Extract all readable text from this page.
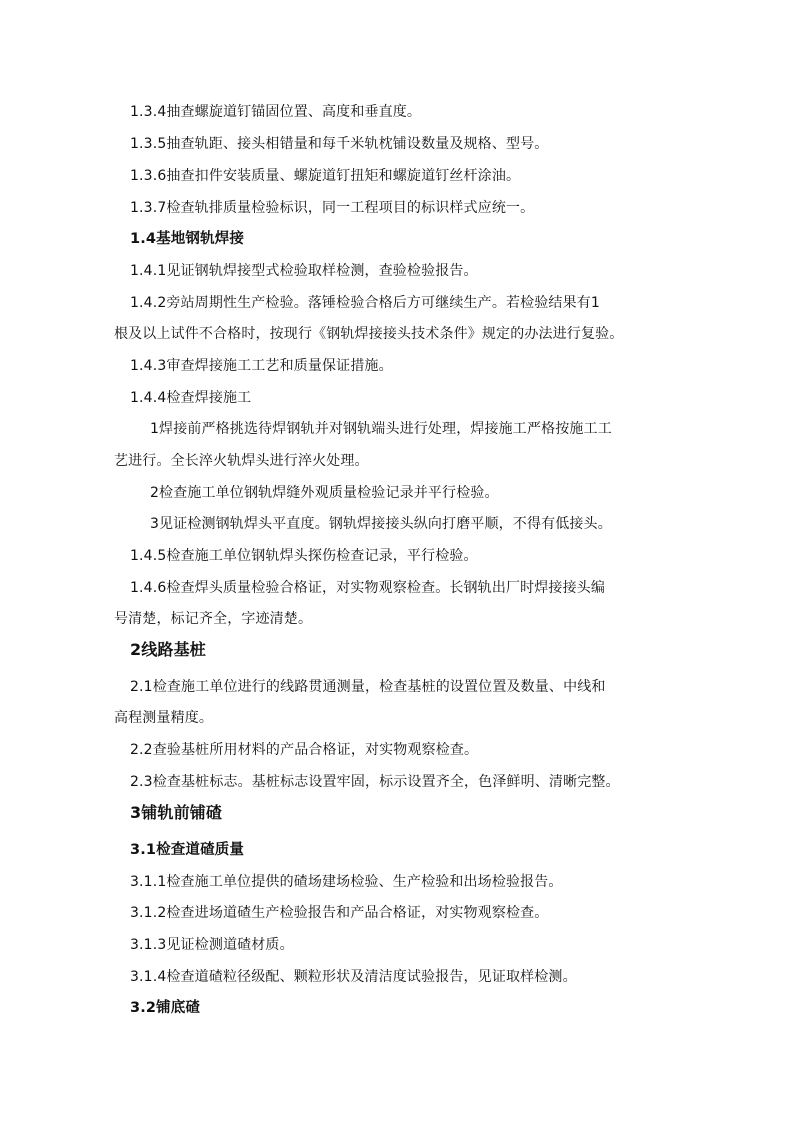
1.3.4抽查螺旋道钉锚固位置、高度和垂直度。
1.3.5抽查轨距、接头相错量和每千米轨枕铺设数量及规格、型号。
1.3.6抽查扣件安装质量、螺旋道钉扭矩和螺旋道钉丝杆涂油。
1.3.7检查轨排质量检验标识，同一工程项目的标识样式应统一。
1.4基地钢轨焊接
1.4.1见证钢轨焊接型式检验取样检测，查验检验报告。
1.4.2旁站周期性生产检验。落锤检验合格后方可继续生产。若检验结果有1
根及以上试件不合格时，按现行《钢轨焊接接头技术条件》规定的办法进行复验。
1.4.3审查焊接施工工艺和质量保证措施。
1.4.4检查焊接施工
1焊接前严格挑选待焊钢轨并对钢轨端头进行处理，焊接施工严格按施工工
艺进行。全长淬火轨焊头进行淬火处理。
2检查施工单位钢轨焊缝外观质量检验记录并平行检验。
3见证检测钢轨焊头平直度。钢轨焊接接头纵向打磨平顺，不得有低接头。
1.4.5检查施工单位钢轨焊头探伤检查记录，平行检验。
1.4.6检查焊头质量检验合格证，对实物观察检查。长钢轨出厂时焊接接头编
号清楚，标记齐全，字迹清楚。
2线路基桩
2.1检查施工单位进行的线路贯通测量，检查基桩的设置位置及数量、中线和
高程测量精度。
2.2查验基桩所用材料的产品合格证，对实物观察检查。
2.3检查基桩标志。基桩标志设置牢固，标示设置齐全，色泽鲜明、清晰完整。
3铺轨前铺碴
3.1检查道碴质量
3.1.1检查施工单位提供的碴场建场检验、生产检验和出场检验报告。
3.1.2检查进场道碴生产检验报告和产品合格证，对实物观察检查。
3.1.3见证检测道碴材质。
3.1.4检查道碴粒径级配、颗粒形状及清洁度试验报告，见证取样检测。
3.2铺底碴
